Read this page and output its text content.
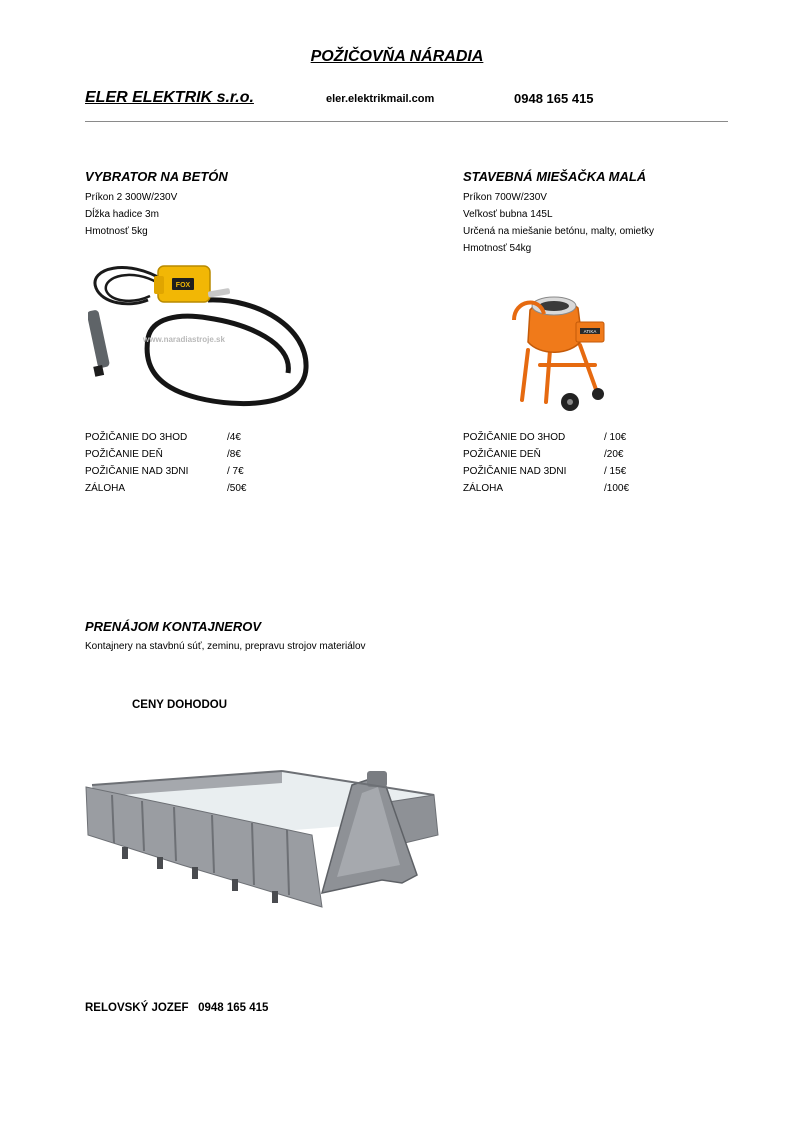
POŽIČOVŇA NÁRADIA
ELER ELEKTRIK s.r.o.	eler.elektrikmail.com	0948 165 415
VYBRATOR NA BETÓN
Príkon 2 300W/230V
Dĺžka hadice 3m
Hmotnosť 5kg
FOX
www.naradiastroje.sk
POŽIČANIE DO 3HOD	/4€
POŽIČANIE DEŇ	/8€
POŽIČANIE NAD 3DNI	/ 7€
ZÁLOHA	/50€
STAVEBNÁ MIEŠAČKA MALÁ
Príkon 700W/230V
Veľkosť bubna 145L
Určená na miešanie betónu, malty, omietky
Hmotnosť 54kg
ATIKA
POŽIČANIE DO 3HOD	/ 10€
POŽIČANIE DEŇ	/20€
POŽIČANIE NAD 3DNI	/ 15€
ZÁLOHA	/100€
PRENÁJOM KONTAJNEROV
Kontajnery na stavbnú súť, zeminu, prepravu strojov materiálov
CENY DOHODOU
RELOVSKÝ JOZEF   0948 165 415
